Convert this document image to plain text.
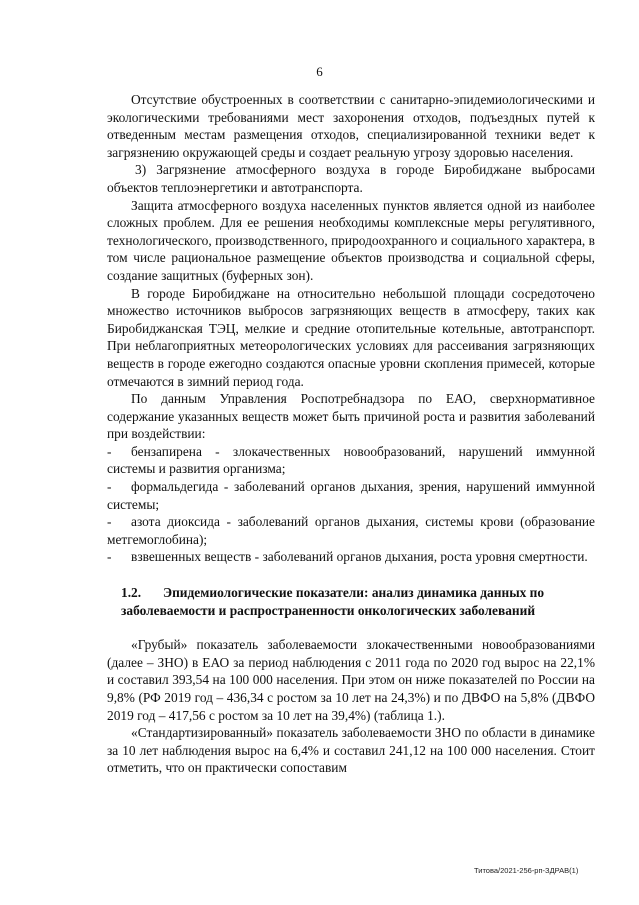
6

Отсутствие обустроенных в соответствии с санитарно-эпидемиологическими и экологическими требованиями мест захоронения отходов, подъездных путей к отведенным местам размещения отходов, специализированной техники ведет к загрязнению окружающей среды и создает реальную угрозу здоровью населения.

3) Загрязнение атмосферного воздуха в городе Биробиджане выбросами объектов теплоэнергетики и автотранспорта.

Защита атмосферного воздуха населенных пунктов является одной из наиболее сложных проблем. Для ее решения необходимы комплексные меры регулятивного, технологического, производственного, природоохранного и социального характера, в том числе рациональное размещение объектов производства и социальной сферы, создание защитных (буферных зон).

В городе Биробиджане на относительно небольшой площади сосредоточено множество источников выбросов загрязняющих веществ в атмосферу, таких как Биробиджанская ТЭЦ, мелкие и средние отопительные котельные, автотранспорт. При неблагоприятных метеорологических условиях для рассеивания загрязняющих веществ в городе ежегодно создаются опасные уровни скопления примесей, которые отмечаются в зимний период года.

По данным Управления Роспотребнадзора по ЕАО, сверхнормативное содержание указанных веществ может быть причиной роста и развития заболеваний при воздействии:

- бензапирена - злокачественных новообразований, нарушений иммунной системы и развития организма;

- формальдегида - заболеваний органов дыхания, зрения, нарушений иммунной системы;

- азота диоксида - заболеваний органов дыхания, системы крови (образование метгемоглобина);

- взвешенных веществ - заболеваний органов дыхания, роста уровня смертности.

1.2. Эпидемиологические показатели: анализ динамика данных по заболеваемости и распространенности онкологических заболеваний

«Грубый» показатель заболеваемости злокачественными новообразованиями (далее – ЗНО) в ЕАО за период наблюдения с 2011 года по 2020 год вырос на 22,1% и составил 393,54 на 100 000 населения. При этом он ниже показателей по России на 9,8% (РФ 2019 год – 436,34 с ростом за 10 лет на 24,3%) и по ДВФО на 5,8% (ДВФО 2019 год – 417,56 с ростом за 10 лет на 39,4%) (таблица 1.).

«Стандартизированный» показатель заболеваемости ЗНО по области в динамике за 10 лет наблюдения вырос на 6,4% и составил 241,12 на 100 000 населения. Стоит отметить, что он практически сопоставим

Титова/2021-256-рп-ЗДРАВ(1)
